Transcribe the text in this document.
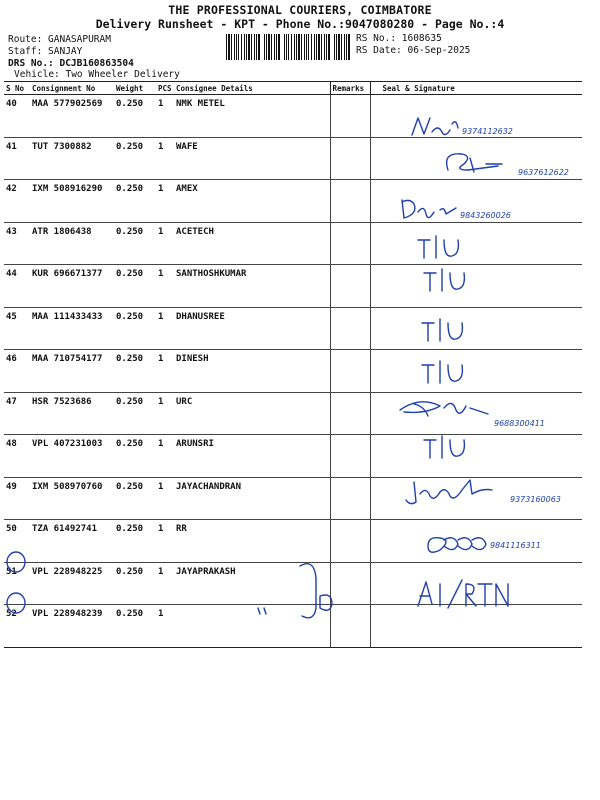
THE PROFESSIONAL COURIERS, COIMBATORE
Delivery Runsheet - KPT - Phone No.:9047080280 - Page No.:4
Route: GANASAPURAM
Staff: SANJAY
DRS No.: DCJB160863504
Vehicle: Two Wheeler Delivery
RS No.: 1608635
RS Date: 06-Sep-2025
S No	Consignment No	Weight	PCS	Consignee Details	Remarks	Seal & Signature
40	MAA 577902569	0.250	1	NMK METEL		
41	TUT 7300882	0.250	1	WAFE		
42	IXM 508916290	0.250	1	AMEX		
43	ATR 1806438	0.250	1	ACETECH		
44	KUR 696671377	0.250	1	SANTHOSHKUMAR		
45	MAA 111433433	0.250	1	DHANUSREE		
46	MAA 710754177	0.250	1	DINESH		
47	HSR 7523686	0.250	1	URC		
48	VPL 407231003	0.250	1	ARUNSRI		
49	IXM 508970760	0.250	1	JAYACHANDRAN		
50	TZA 61492741	0.250	1	RR		
51	VPL 228948225	0.250	1	JAYAPRAKASH		
52	VPL 228948239	0.250	1			
9374112632
9637612622
9843260026
9688300411
9373160063
9841116311
